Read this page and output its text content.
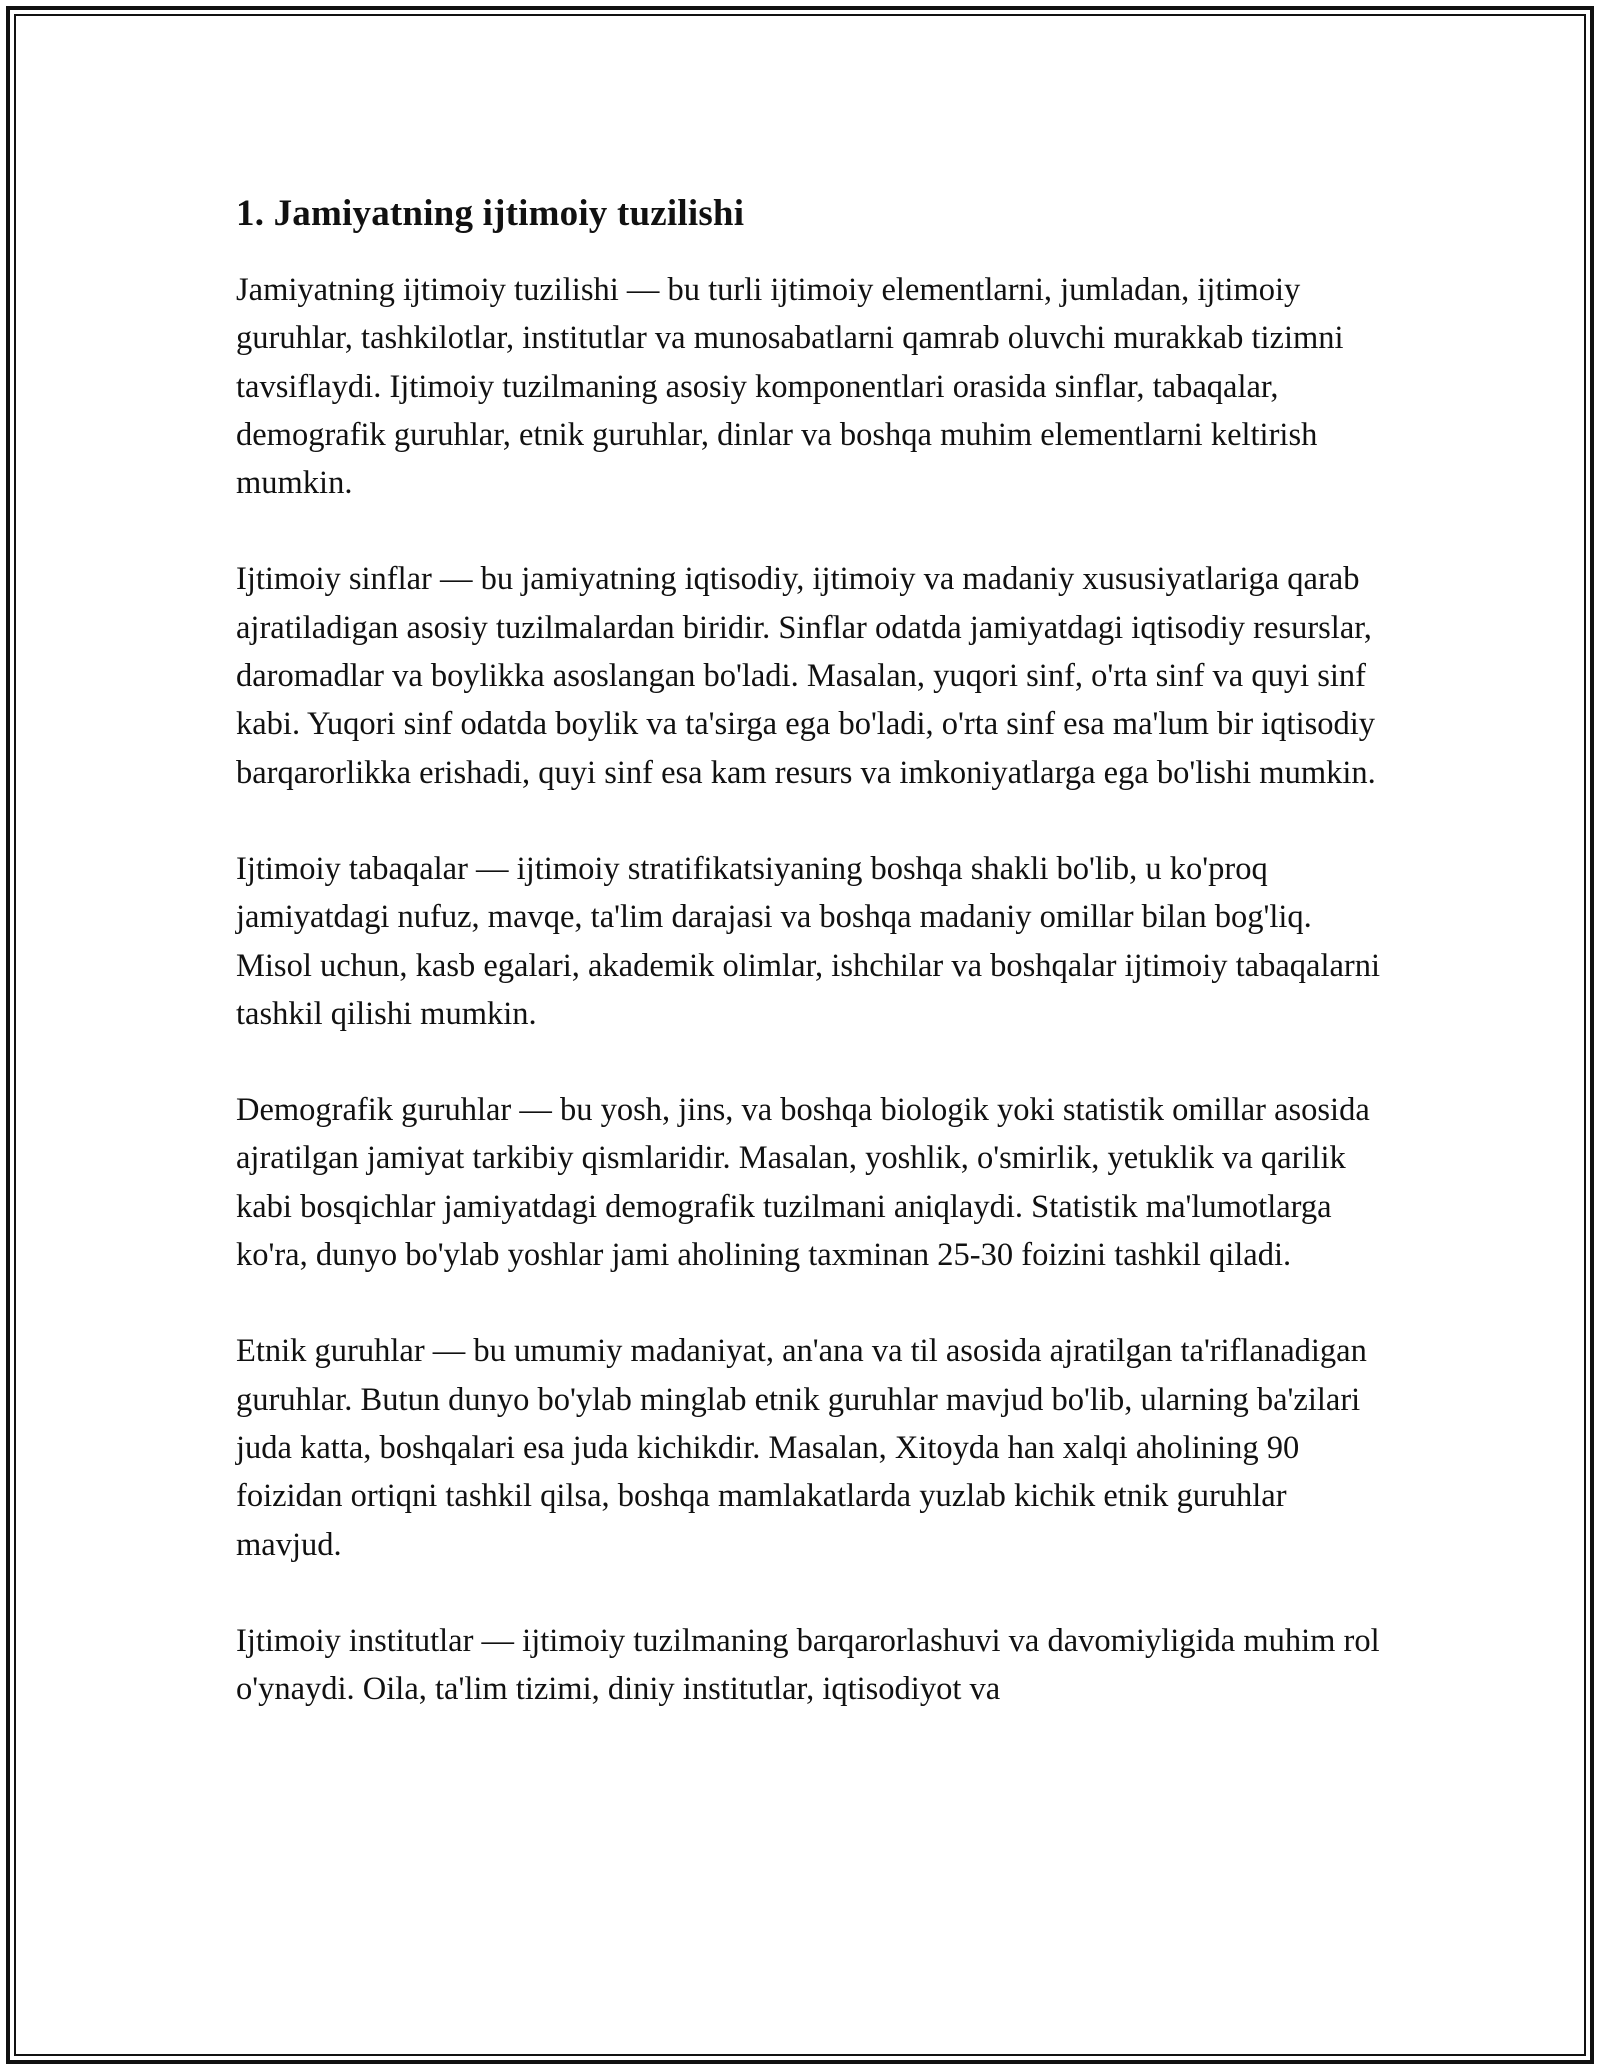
1. Jamiyatning ijtimoiy tuzilishi

Jamiyatning ijtimoiy tuzilishi — bu turli ijtimoiy elementlarni, jumladan, ijtimoiy guruhlar, tashkilotlar, institutlar va munosabatlarni qamrab oluvchi murakkab tizimni tavsiflaydi. Ijtimoiy tuzilmaning asosiy komponentlari orasida sinflar, tabaqalar, demografik guruhlar, etnik guruhlar, dinlar va boshqa muhim elementlarni keltirish mumkin.

Ijtimoiy sinflar — bu jamiyatning iqtisodiy, ijtimoiy va madaniy xususiyatlariga qarab ajratiladigan asosiy tuzilmalardan biridir. Sinflar odatda jamiyatdagi iqtisodiy resurslar, daromadlar va boylikka asoslangan bo'ladi. Masalan, yuqori sinf, o'rta sinf va quyi sinf kabi. Yuqori sinf odatda boylik va ta'sirga ega bo'ladi, o'rta sinf esa ma'lum bir iqtisodiy barqarorlikka erishadi, quyi sinf esa kam resurs va imkoniyatlarga ega bo'lishi mumkin.

Ijtimoiy tabaqalar — ijtimoiy stratifikatsiyaning boshqa shakli bo'lib, u ko'proq jamiyatdagi nufuz, mavqe, ta'lim darajasi va boshqa madaniy omillar bilan bog'liq. Misol uchun, kasb egalari, akademik olimlar, ishchilar va boshqalar ijtimoiy tabaqalarni tashkil qilishi mumkin.

Demografik guruhlar — bu yosh, jins, va boshqa biologik yoki statistik omillar asosida ajratilgan jamiyat tarkibiy qismlaridir. Masalan, yoshlik, o'smirlik, yetuklik va qarilik kabi bosqichlar jamiyatdagi demografik tuzilmani aniqlaydi. Statistik ma'lumotlarga ko'ra, dunyo bo'ylab yoshlar jami aholining taxminan 25-30 foizini tashkil qiladi.

Etnik guruhlar — bu umumiy madaniyat, an'ana va til asosida ajratilgan ta'riflanadigan guruhlar. Butun dunyo bo'ylab minglab etnik guruhlar mavjud bo'lib, ularning ba'zilari juda katta, boshqalari esa juda kichikdir. Masalan, Xitoyda han xalqi aholining 90 foizidan ortiqni tashkil qilsa, boshqa mamlakatlarda yuzlab kichik etnik guruhlar mavjud.

Ijtimoiy institutlar — ijtimoiy tuzilmaning barqarorlashuvi va davomiyligida muhim rol o'ynaydi. Oila, ta'lim tizimi, diniy institutlar, iqtisodiyot va
